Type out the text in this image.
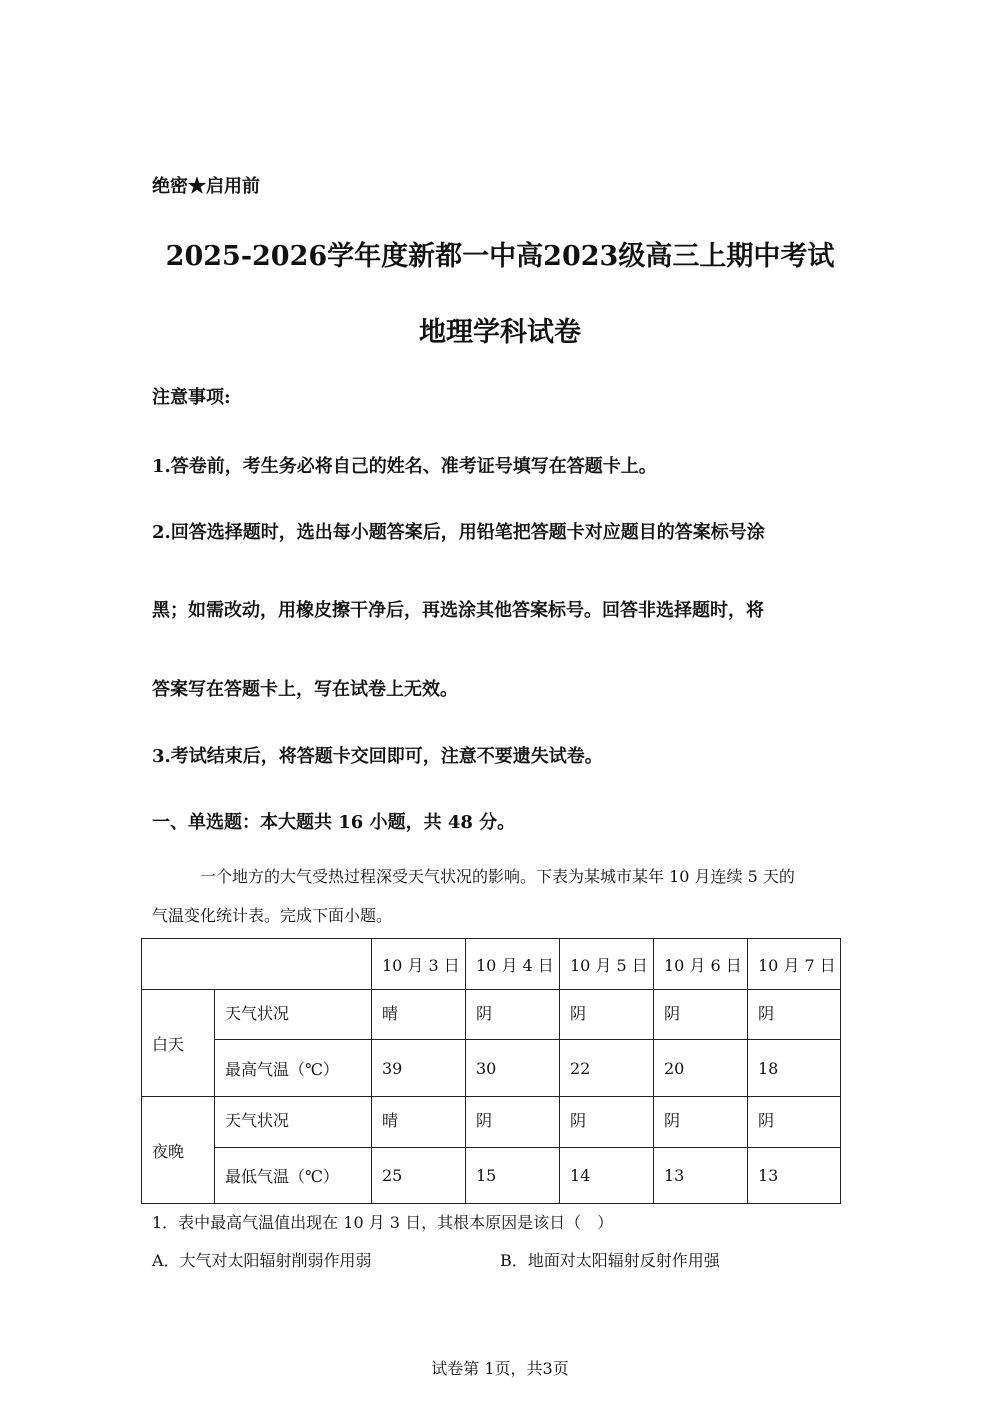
绝密★启用前
2025-2026学年度新都一中高2023级高三上期中考试
地理学科试卷
注意事项:
1.答卷前，考生务必将自己的姓名、准考证号填写在答题卡上。
2.回答选择题时，选出每小题答案后，用铅笔把答题卡对应题目的答案标号涂
黑；如需改动，用橡皮擦干净后，再选涂其他答案标号。回答非选择题时，将
答案写在答题卡上，写在试卷上无效。
3.考试结束后，将答题卡交回即可，注意不要遗失试卷。
一、单选题：本大题共 16 小题，共 48 分。
一个地方的大气受热过程深受天气状况的影响。下表为某城市某年 10 月连续 5 天的
气温变化统计表。完成下面小题。
		10 月 3 日	10 月 4 日	10 月 5 日	10 月 6 日	10 月 7 日
白天	天气状况	晴	阴	阴	阴	阴
	最高气温（℃）	39	30	22	20	18
夜晚	天气状况	晴	阴	阴	阴	阴
	最低气温（℃）	25	15	14	13	13
1．表中最高气温值出现在 10 月 3 日，其根本原因是该日（　）
A．大气对太阳辐射削弱作用弱	B．地面对太阳辐射反射作用强
试卷第 1页，共3页
